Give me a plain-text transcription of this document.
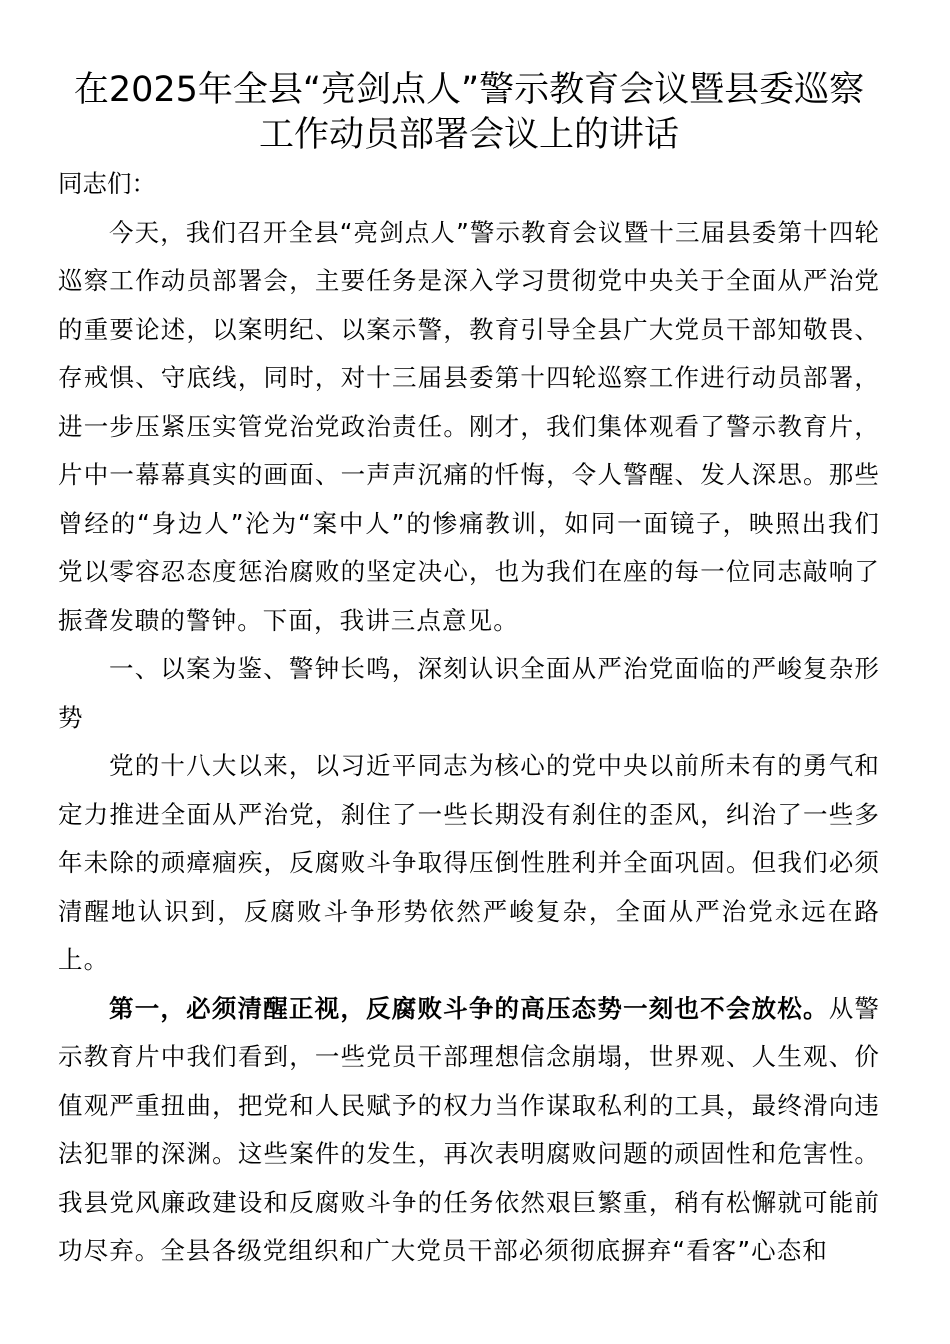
在2025年全县“亮剑点人”警示教育会议暨县委巡察工作动员部署会议上的讲话
同志们：

今天，我们召开全县“亮剑点人”警示教育会议暨十三届县委第十四轮巡察工作动员部署会，主要任务是深入学习贯彻党中央关于全面从严治党的重要论述，以案明纪、以案示警，教育引导全县广大党员干部知敬畏、存戒惧、守底线，同时，对十三届县委第十四轮巡察工作进行动员部署，进一步压紧压实管党治党政治责任。刚才，我们集体观看了警示教育片，片中一幕幕真实的画面、一声声沉痛的忏悔，令人警醒、发人深思。那些曾经的“身边人”沦为“案中人”的惨痛教训，如同一面镜子，映照出我们党以零容忍态度惩治腐败的坚定决心，也为我们在座的每一位同志敲响了振聋发聩的警钟。下面，我讲三点意见。

一、以案为鉴、警钟长鸣，深刻认识全面从严治党面临的严峻复杂形势

党的十八大以来，以习近平同志为核心的党中央以前所未有的勇气和定力推进全面从严治党，刹住了一些长期没有刹住的歪风，纠治了一些多年未除的顽瘴痼疾，反腐败斗争取得压倒性胜利并全面巩固。但我们必须清醒地认识到，反腐败斗争形势依然严峻复杂，全面从严治党永远在路上。

第一，必须清醒正视，反腐败斗争的高压态势一刻也不会放松。从警示教育片中我们看到，一些党员干部理想信念崩塌，世界观、人生观、价值观严重扭曲，把党和人民赋予的权力当作谋取私利的工具，最终滑向违法犯罪的深渊。这些案件的发生，再次表明腐败问题的顽固性和危害性。我县党风廉政建设和反腐败斗争的任务依然艰巨繁重，稍有松懈就可能前功尽弃。全县各级党组织和广大党员干部必须彻底摒弃“看客”心态和
